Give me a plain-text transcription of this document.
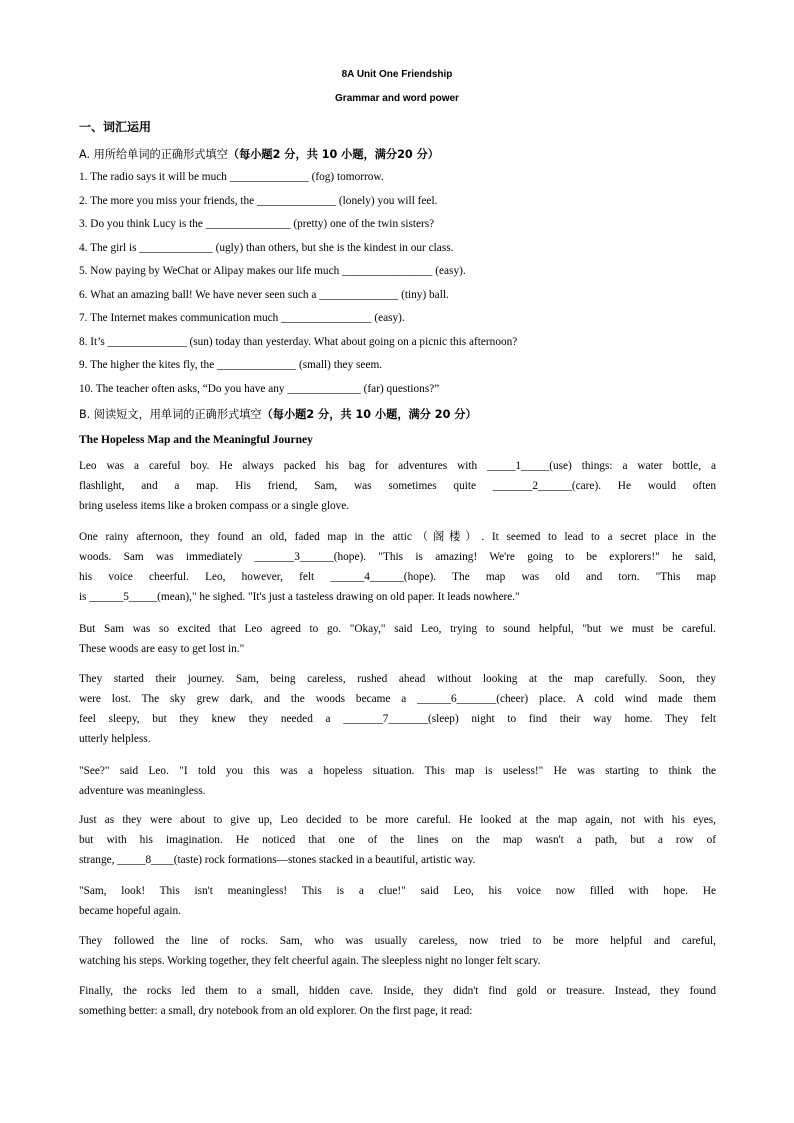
8A Unit One Friendship
Grammar and word power
一、词汇运用
A. 用所给单词的正确形式填空（每小题2 分，共 10 小题，满分20 分）
1. The radio says it will be much ______________ (fog) tomorrow.
2. The more you miss your friends, the ______________ (lonely) you will feel.
3. Do you think Lucy is the _______________ (pretty) one of the twin sisters?
4. The girl is _____________ (ugly) than others, but she is the kindest in our class.
5. Now paying by WeChat or Alipay makes our life much ________________ (easy).
6. What an amazing ball! We have never seen such a ______________ (tiny) ball.
7. The Internet makes communication much ________________ (easy).
8. It’s ______________ (sun) today than yesterday. What about going on a picnic this afternoon?
9. The higher the kites fly, the ______________ (small) they seem.
10. The teacher often asks, “Do you have any _____________ (far) questions?”
B. 阅读短文，用单词的正确形式填空（每小题2 分，共 10 小题，满分 20 分）
The Hopeless Map and the Meaningful Journey
Leo was a careful boy. He always packed his bag for adventures with _____1_____(use) things: a water bottle, a
flashlight, and a map. His friend, Sam, was sometimes quite _______2______(care). He would often
bring useless items like a broken compass or a single glove.
One rainy afternoon, they found an old, faded map in the attic（阁楼）. It seemed to lead to a secret place in the
woods. Sam was immediately _______3______(hope). "This is amazing! We're going to be explorers!" he said,
his voice cheerful. Leo, however, felt ______4______(hope). The map was old and torn. "This map
is ______5_____(mean)," he sighed. "It's just a tasteless drawing on old paper. It leads nowhere."
But Sam was so excited that Leo agreed to go. "Okay," said Leo, trying to sound helpful, "but we must be careful.
These woods are easy to get lost in."
They started their journey. Sam, being careless, rushed ahead without looking at the map carefully. Soon, they
were lost. The sky grew dark, and the woods became a ______6_______(cheer) place. A cold wind made them
feel sleepy, but they knew they needed a _______7_______(sleep) night to find their way home. They felt
utterly helpless.
"See?" said Leo. "I told you this was a hopeless situation. This map is useless!" He was starting to think the
adventure was meaningless.
Just as they were about to give up, Leo decided to be more careful. He looked at the map again, not with his eyes,
but with his imagination. He noticed that one of the lines on the map wasn't a path, but a row of
strange, _____8____(taste) rock formations—stones stacked in a beautiful, artistic way.
"Sam, look! This isn't meaningless! This is a clue!" said Leo, his voice now filled with hope. He
became hopeful again.
They followed the line of rocks. Sam, who was usually careless, now tried to be more helpful and careful,
watching his steps. Working together, they felt cheerful again. The sleepless night no longer felt scary.
Finally, the rocks led them to a small, hidden cave. Inside, they didn't find gold or treasure. Instead, they found
something better: a small, dry notebook from an old explorer. On the first page, it read:
